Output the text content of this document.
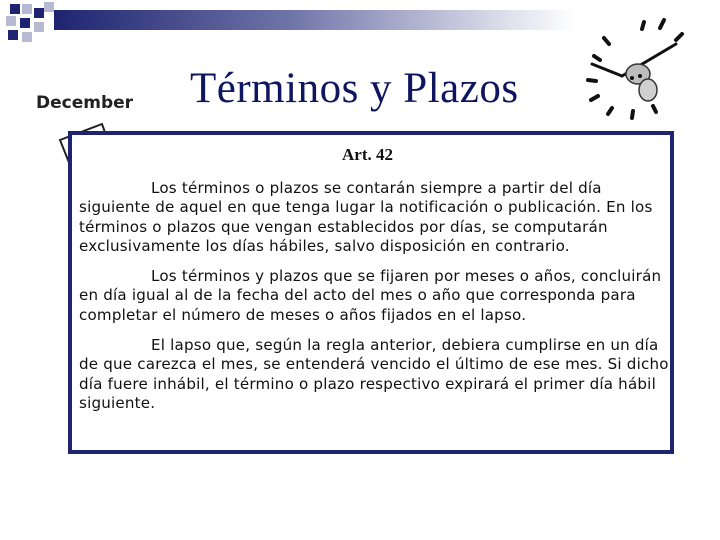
December Términos y Plazos
Art. 42

Los términos o plazos se contarán siempre a partir del día siguiente de aquel en que tenga lugar la notificación o publicación. En los términos o plazos que vengan establecidos por días, se computarán exclusivamente los días hábiles, salvo disposición en contrario.

Los términos y plazos que se fijaren por meses o años, concluirán en día igual al de la fecha del acto del mes o año que corresponda para completar el número de meses o años fijados en el lapso.

El lapso que, según la regla anterior, debiera cumplirse en un día de que carezca el mes, se entenderá vencido el último de ese mes. Si dicho día fuere inhábil, el término o plazo respectivo expirará el primer día hábil siguiente.
